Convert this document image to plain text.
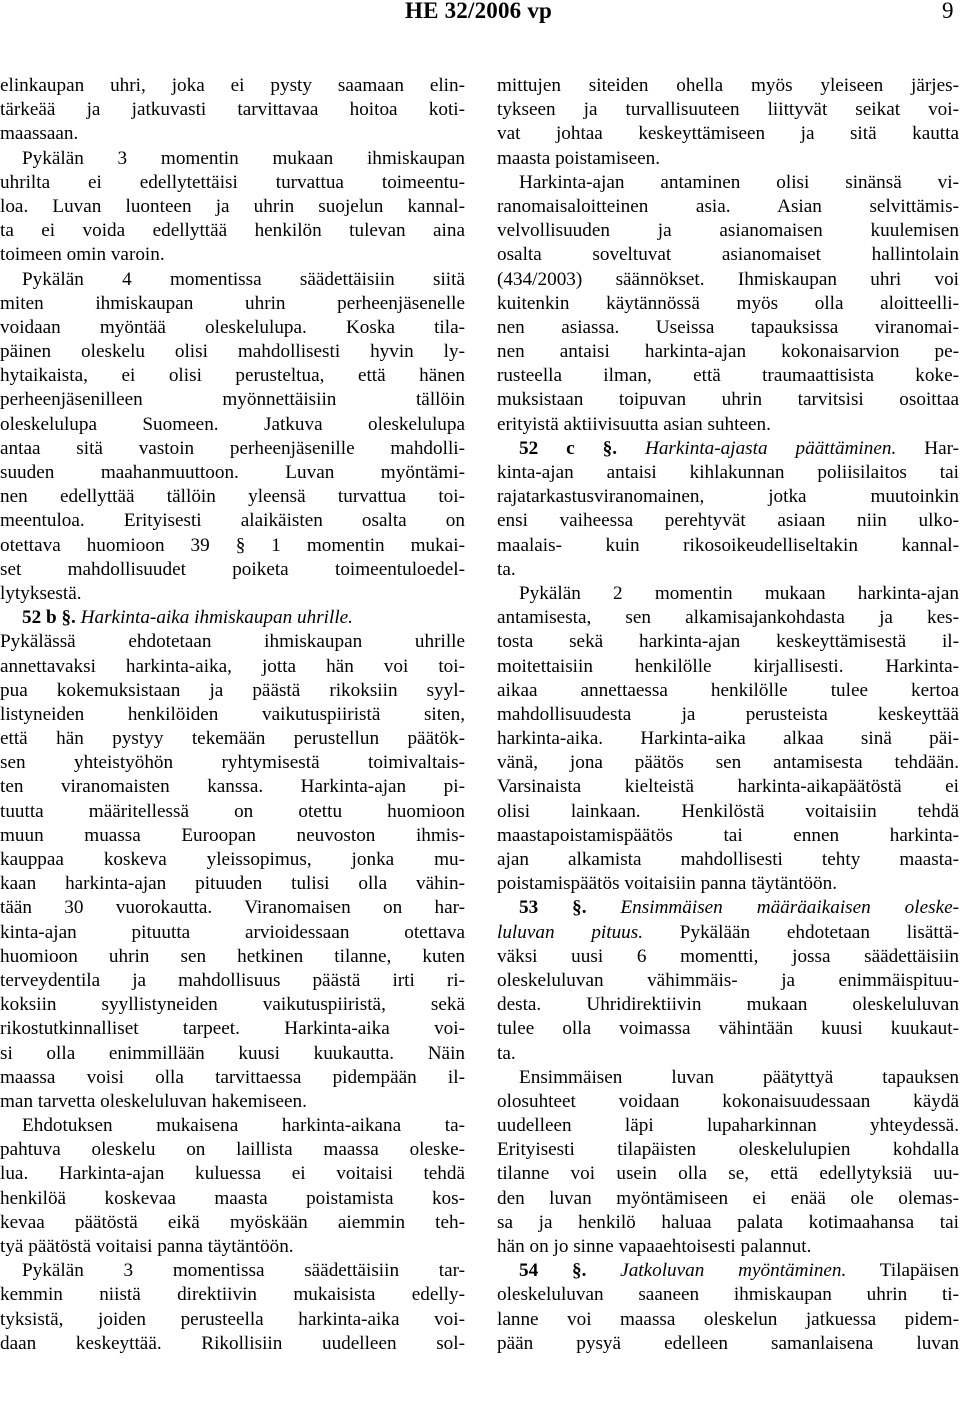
HE 32/2006 vp	9
elinkaupan uhri, joka ei pysty saamaan elin-
tärkeää ja jatkuvasti tarvittavaa hoitoa koti-
maassaan.
Pykälän 3 momentin mukaan ihmiskaupan
uhrilta ei edellytettäisi turvattua toimeentu-
loa. Luvan luonteen ja uhrin suojelun kannal-
ta ei voida edellyttää henkilön tulevan aina
toimeen omin varoin.
Pykälän 4 momentissa säädettäisiin siitä
miten ihmiskaupan uhrin perheenjäsenelle
voidaan myöntää oleskelulupa. Koska tila-
päinen oleskelu olisi mahdollisesti hyvin ly-
hytaikaista, ei olisi perusteltua, että hänen
perheenjäsenilleen myönnettäisiin tällöin
oleskelulupa Suomeen. Jatkuva oleskelulupa
antaa sitä vastoin perheenjäsenille mahdolli-
suuden maahanmuuttoon. Luvan myöntämi-
nen edellyttää tällöin yleensä turvattua toi-
meentuloa. Erityisesti alaikäisten osalta on
otettava huomioon 39 § 1 momentin mukai-
set mahdollisuudet poiketa toimeentuloedel-
lytyksestä.
52 b §. Harkinta-aika ihmiskaupan uhrille.
Pykälässä ehdotetaan ihmiskaupan uhrille
annettavaksi harkinta-aika, jotta hän voi toi-
pua kokemuksistaan ja päästä rikoksiin syyl-
listyneiden henkilöiden vaikutuspiiristä siten,
että hän pystyy tekemään perustellun päätök-
sen yhteistyöhön ryhtymisestä toimivaltais-
ten viranomaisten kanssa. Harkinta-ajan pi-
tuutta määritellessä on otettu huomioon
muun muassa Euroopan neuvoston ihmis-
kauppaa koskeva yleissopimus, jonka mu-
kaan harkinta-ajan pituuden tulisi olla vähin-
tään 30 vuorokautta. Viranomaisen on har-
kinta-ajan pituutta arvioidessaan otettava
huomioon uhrin sen hetkinen tilanne, kuten
terveydentila ja mahdollisuus päästä irti ri-
koksiin syyllistyneiden vaikutuspiiristä, sekä
rikostutkinnalliset tarpeet. Harkinta-aika voi-
si olla enimmillään kuusi kuukautta. Näin
maassa voisi olla tarvittaessa pidempään il-
man tarvetta oleskeluluvan hakemiseen.
Ehdotuksen mukaisena harkinta-aikana ta-
pahtuva oleskelu on laillista maassa oleske-
lua. Harkinta-ajan kuluessa ei voitaisi tehdä
henkilöä koskevaa maasta poistamista kos-
kevaa päätöstä eikä myöskään aiemmin teh-
tyä päätöstä voitaisi panna täytäntöön.
Pykälän 3 momentissa säädettäisiin tar-
kemmin niistä direktiivin mukaisista edelly-
tyksistä, joiden perusteella harkinta-aika voi-
daan keskeyttää. Rikollisiin uudelleen sol-
mittujen siteiden ohella myös yleiseen järjes-
tykseen ja turvallisuuteen liittyvät seikat voi-
vat johtaa keskeyttämiseen ja sitä kautta
maasta poistamiseen.
Harkinta-ajan antaminen olisi sinänsä vi-
ranomaisaloitteinen asia. Asian selvittämis-
velvollisuuden ja asianomaisen kuulemisen
osalta soveltuvat asianomaiset hallintolain
(434/2003) säännökset. Ihmiskaupan uhri voi
kuitenkin käytännössä myös olla aloitteelli-
nen asiassa. Useissa tapauksissa viranomai-
nen antaisi harkinta-ajan kokonaisarvion pe-
rusteella ilman, että traumaattisista koke-
muksistaan toipuvan uhrin tarvitsisi osoittaa
erityistä aktiivisuutta asian suhteen.
52 c §. Harkinta-ajasta päättäminen. Har-
kinta-ajan antaisi kihlakunnan poliisilaitos tai
rajatarkastusviranomainen, jotka muutoinkin
ensi vaiheessa perehtyvät asiaan niin ulko-
maalais- kuin rikosoikeudelliseltakin kannal-
ta.
Pykälän 2 momentin mukaan harkinta-ajan
antamisesta, sen alkamisajankohdasta ja kes-
tosta sekä harkinta-ajan keskeyttämisestä il-
moitettaisiin henkilölle kirjallisesti. Harkinta-
aikaa annettaessa henkilölle tulee kertoa
mahdollisuudesta ja perusteista keskeyttää
harkinta-aika. Harkinta-aika alkaa sinä päi-
vänä, jona päätös sen antamisesta tehdään.
Varsinaista kielteistä harkinta-aikapäätöstä ei
olisi lainkaan. Henkilöstä voitaisiin tehdä
maastapoistamispäätös tai ennen harkinta-
ajan alkamista mahdollisesti tehty maasta-
poistamispäätös voitaisiin panna täytäntöön.
53 §. Ensimmäisen määräaikaisen oleske-
luluvan pituus. Pykälään ehdotetaan lisättä-
väksi uusi 6 momentti, jossa säädettäisiin
oleskeluluvan vähimmäis- ja enimmäispituu-
desta. Uhridirektiivin mukaan oleskeluluvan
tulee olla voimassa vähintään kuusi kuukaut-
ta.
Ensimmäisen luvan päätyttyä tapauksen
olosuhteet voidaan kokonaisuudessaan käydä
uudelleen läpi lupaharkinnan yhteydessä.
Erityisesti tilapäisten oleskelulupien kohdalla
tilanne voi usein olla se, että edellytyksiä uu-
den luvan myöntämiseen ei enää ole olemas-
sa ja henkilö haluaa palata kotimaahansa tai
hän on jo sinne vapaaehtoisesti palannut.
54 §. Jatkoluvan myöntäminen. Tilapäisen
oleskeluluvan saaneen ihmiskaupan uhrin ti-
lanne voi maassa oleskelun jatkuessa pidem-
pään pysyä edelleen samanlaisena luvan
